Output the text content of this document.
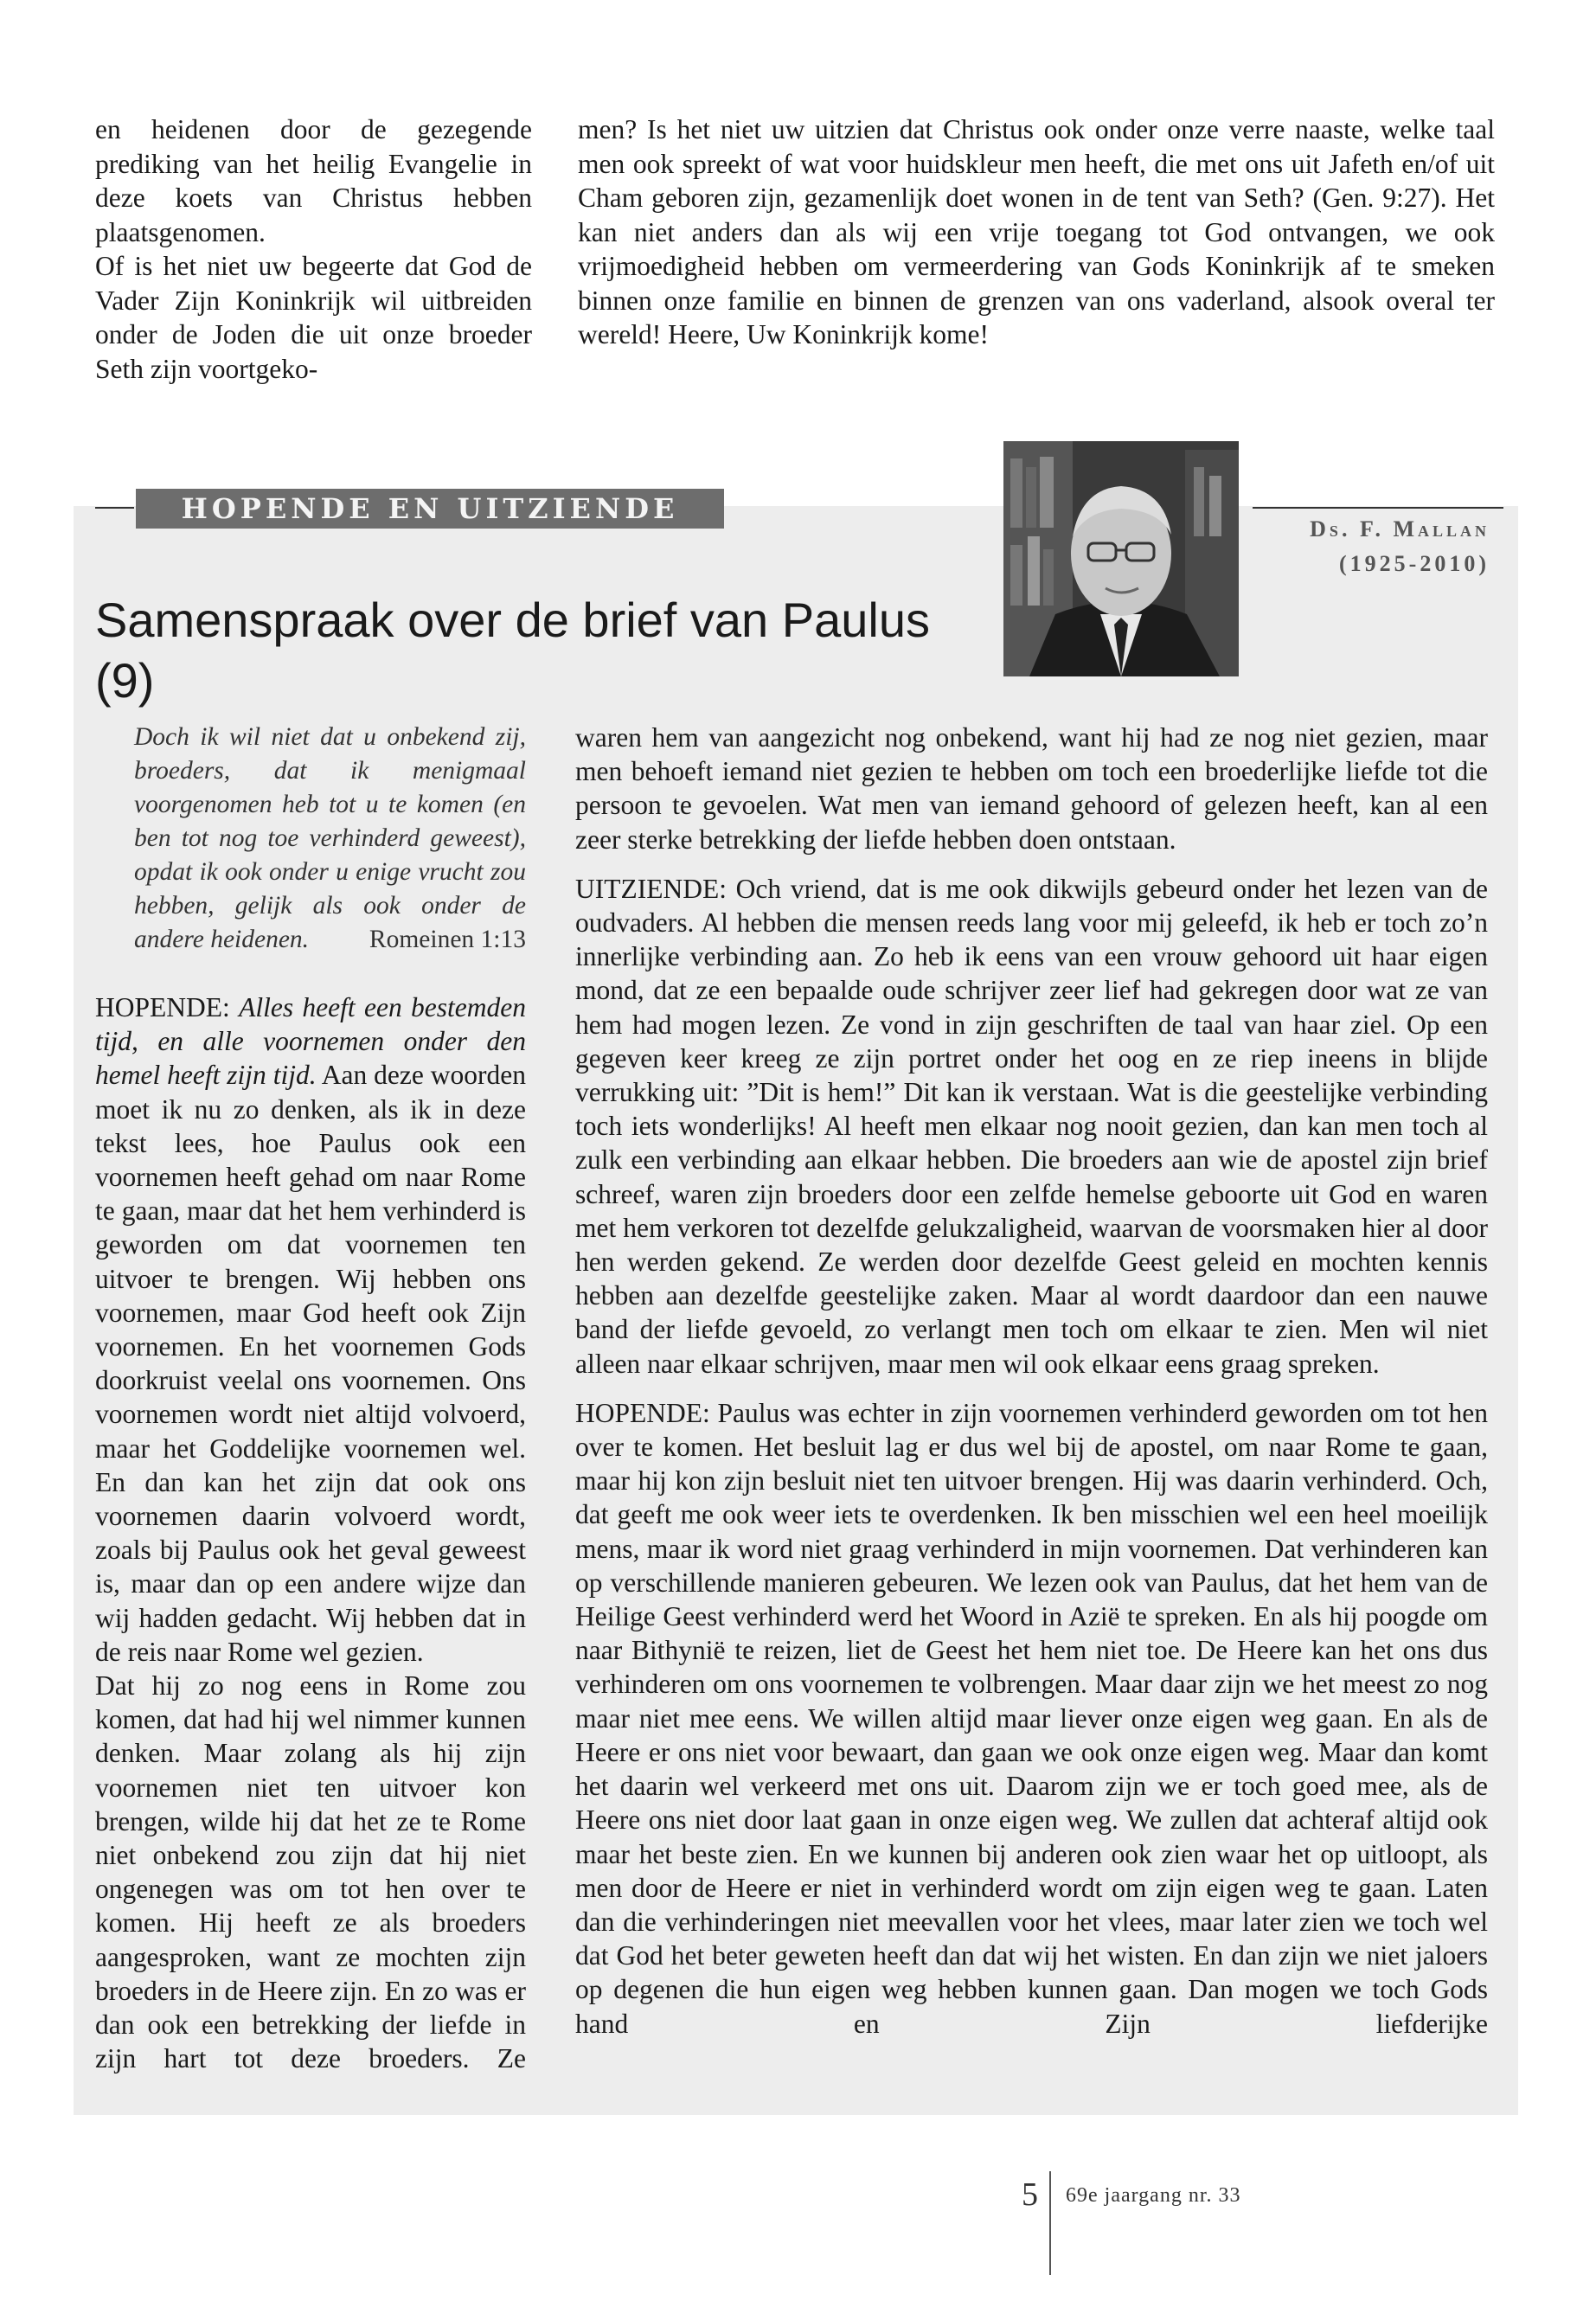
en heidenen door de gezegende prediking van het heilig Evangelie in deze koets van Christus hebben plaatsgenomen.

Of is het niet uw begeerte dat God de Vader Zijn Koninkrijk wil uitbreiden onder de Joden die uit onze broeder Seth zijn voortgeko-

men? Is het niet uw uitzien dat Christus ook onder onze verre naaste, welke taal men ook spreekt of wat voor huidskleur men heeft, die met ons uit Jafeth en/of uit Cham geboren zijn, gezamenlijk doet wonen in de tent van Seth? (Gen. 9:27). Het kan niet anders dan als wij een vrije toegang tot God ontvangen, we ook vrijmoedigheid hebben om vermeerdering van Gods Koninkrijk af te smeken binnen onze familie en binnen de grenzen van ons vaderland, alsook overal ter wereld! Heere, Uw Koninkrijk kome!

HOPENDE EN UITZIENDE
Ds. F. Mallan
(1925-2010)
Samenspraak over de brief van Paulus (9)

Doch ik wil niet dat u onbekend zij, broeders, dat ik menigmaal voorgenomen heb tot u te komen (en ben tot nog toe verhinderd geweest), opdat ik ook onder u enige vrucht zou hebben, gelijk als ook onder de andere heidenen. Romeinen 1:13

HOPENDE: Alles heeft een bestemden tijd, en alle voornemen onder den hemel heeft zijn tijd. Aan deze woorden moet ik nu zo denken, als ik in deze tekst lees, hoe Paulus ook een voornemen heeft gehad om naar Rome te gaan, maar dat het hem verhinderd is geworden om dat voornemen ten uitvoer te brengen. Wij hebben ons voornemen, maar God heeft ook Zijn voornemen. En het voornemen Gods doorkruist veelal ons voornemen. Ons voornemen wordt niet altijd volvoerd, maar het Goddelijke voornemen wel. En dan kan het zijn dat ook ons voornemen daarin volvoerd wordt, zoals bij Paulus ook het geval geweest is, maar dan op een andere wijze dan wij hadden gedacht. Wij hebben dat in de reis naar Rome wel gezien.

Dat hij zo nog eens in Rome zou komen, dat had hij wel nimmer kunnen denken. Maar zolang als hij zijn voornemen niet ten uitvoer kon brengen, wilde hij dat het ze te Rome niet onbekend zou zijn dat hij niet ongenegen was om tot hen over te komen. Hij heeft ze als broeders aangesproken, want ze mochten zijn broeders in de Heere zijn. En zo was er dan ook een betrekking der liefde in zijn hart tot deze broeders. Ze

waren hem van aangezicht nog onbekend, want hij had ze nog niet gezien, maar men behoeft iemand niet gezien te hebben om toch een broederlijke liefde tot die persoon te gevoelen. Wat men van iemand gehoord of gelezen heeft, kan al een zeer sterke betrekking der liefde hebben doen ontstaan.

UITZIENDE: Och vriend, dat is me ook dikwijls gebeurd onder het lezen van de oudvaders. Al hebben die mensen reeds lang voor mij geleefd, ik heb er toch zo’n innerlijke verbinding aan. Zo heb ik eens van een vrouw gehoord uit haar eigen mond, dat ze een bepaalde oude schrijver zeer lief had gekregen door wat ze van hem had mogen lezen. Ze vond in zijn geschriften de taal van haar ziel. Op een gegeven keer kreeg ze zijn portret onder het oog en ze riep ineens in blijde verrukking uit: ”Dit is hem!” Dit kan ik verstaan. Wat is die geestelijke verbinding toch iets wonderlijks! Al heeft men elkaar nog nooit gezien, dan kan men toch al zulk een verbinding aan elkaar hebben. Die broeders aan wie de apostel zijn brief schreef, waren zijn broeders door een zelfde hemelse geboorte uit God en waren met hem verkoren tot dezelfde gelukzaligheid, waarvan de voorsmaken hier al door hen werden gekend. Ze werden door dezelfde Geest geleid en mochten kennis hebben aan dezelfde geestelijke zaken. Maar al wordt daardoor dan een nauwe band der liefde gevoeld, zo verlangt men toch om elkaar te zien. Men wil niet alleen naar elkaar schrijven, maar men wil ook elkaar eens graag spreken.

HOPENDE: Paulus was echter in zijn voornemen verhinderd geworden om tot hen over te komen. Het besluit lag er dus wel bij de apostel, om naar Rome te gaan, maar hij kon zijn besluit niet ten uitvoer brengen. Hij was daarin verhinderd. Och, dat geeft me ook weer iets te overdenken. Ik ben misschien wel een heel moeilijk mens, maar ik word niet graag verhinderd in mijn voornemen. Dat verhinderen kan op verschillende manieren gebeuren. We lezen ook van Paulus, dat het hem van de Heilige Geest verhinderd werd het Woord in Azië te spreken. En als hij poogde om naar Bithynië te reizen, liet de Geest het hem niet toe. De Heere kan het ons dus verhinderen om ons voornemen te volbrengen. Maar daar zijn we het meest zo nog maar niet mee eens. We willen altijd maar liever onze eigen weg gaan. En als de Heere er ons niet voor bewaart, dan gaan we ook onze eigen weg. Maar dan komt het daarin wel verkeerd met ons uit. Daarom zijn we er toch goed mee, als de Heere ons niet door laat gaan in onze eigen weg. We zullen dat achteraf altijd ook maar het beste zien. En we kunnen bij anderen ook zien waar het op uitloopt, als men door de Heere er niet in verhinderd wordt om zijn eigen weg te gaan. Laten dan die verhinderingen niet meevallen voor het vlees, maar later zien we toch wel dat God het beter geweten heeft dan dat wij het wisten. En dan zijn we niet jaloers op degenen die hun eigen weg hebben kunnen gaan. Dan mogen we toch Gods hand en Zijn liefderijke

5 69e jaargang nr. 33
